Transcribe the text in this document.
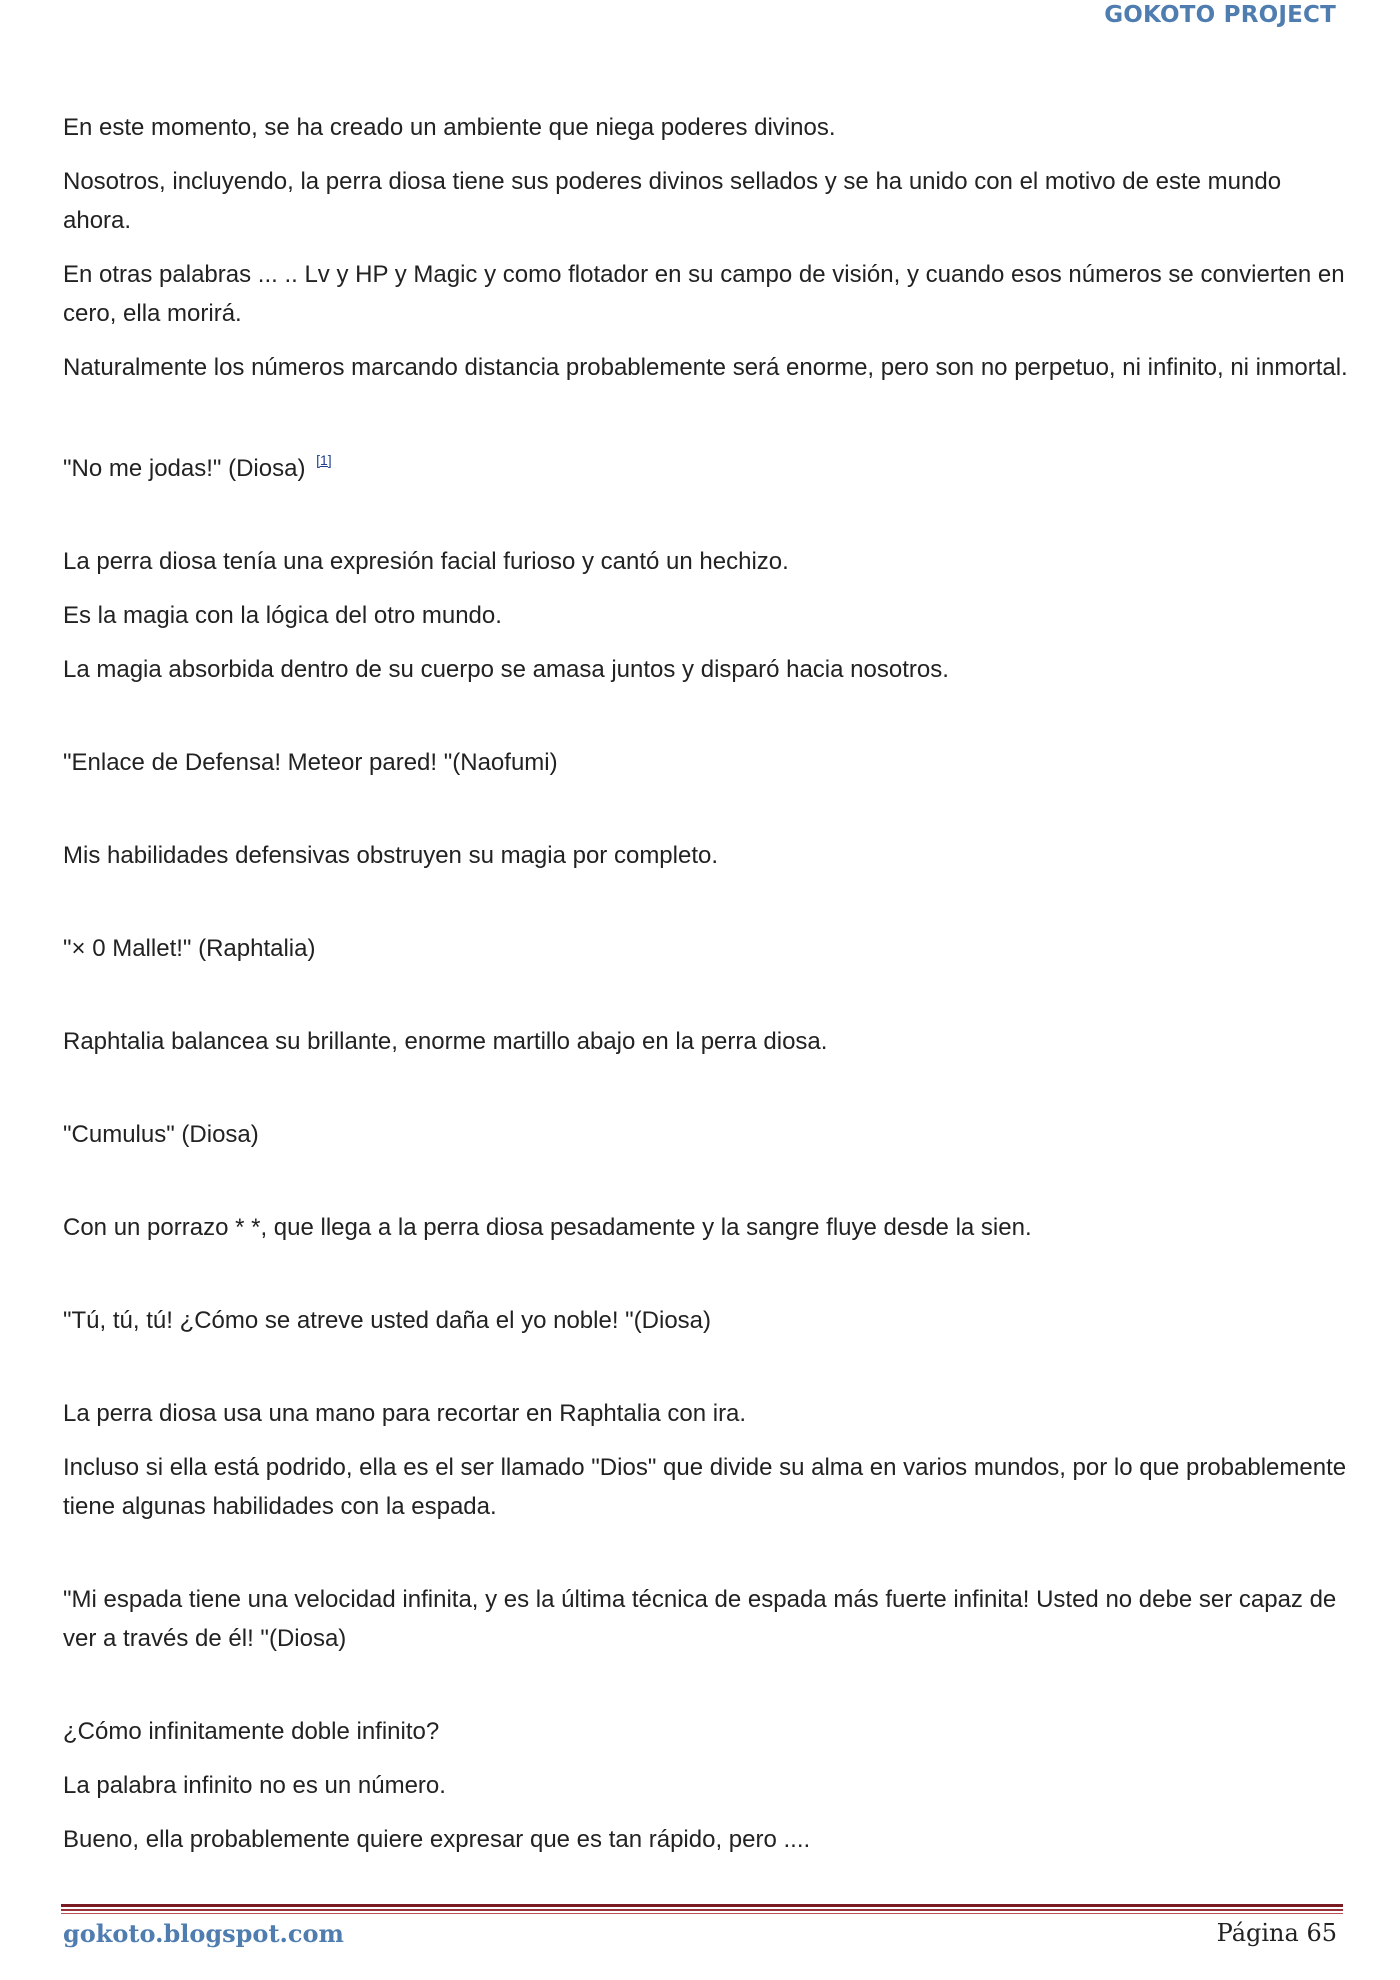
GOKOTO PROJECT

En este momento, se ha creado un ambiente que niega poderes divinos.

Nosotros, incluyendo, la perra diosa tiene sus poderes divinos sellados y se ha unido con el motivo de este mundo ahora.

En otras palabras ... .. Lv y HP y Magic y como flotador en su campo de visión, y cuando esos números se convierten en cero, ella morirá.

Naturalmente los números marcando distancia probablemente será enorme, pero son no perpetuo, ni infinito, ni inmortal.

"No me jodas!" (Diosa) [1]

La perra diosa tenía una expresión facial furioso y cantó un hechizo.

Es la magia con la lógica del otro mundo.

La magia absorbida dentro de su cuerpo se amasa juntos y disparó hacia nosotros.

"Enlace de Defensa! Meteor pared! "(Naofumi)

Mis habilidades defensivas obstruyen su magia por completo.

"× 0 Mallet!" (Raphtalia)

Raphtalia balancea su brillante, enorme martillo abajo en la perra diosa.

"Cumulus" (Diosa)

Con un porrazo * *, que llega a la perra diosa pesadamente y la sangre fluye desde la sien.

"Tú, tú, tú! ¿Cómo se atreve usted daña el yo noble! "(Diosa)

La perra diosa usa una mano para recortar en Raphtalia con ira.

Incluso si ella está podrido, ella es el ser llamado "Dios" que divide su alma en varios mundos, por lo que probablemente tiene algunas habilidades con la espada.

"Mi espada tiene una velocidad infinita, y es la última técnica de espada más fuerte infinita! Usted no debe ser capaz de ver a través de él! "(Diosa)

¿Cómo infinitamente doble infinito?

La palabra infinito no es un número.

Bueno, ella probablemente quiere expresar que es tan rápido, pero ....

gokoto.blogspot.com	Página 65
